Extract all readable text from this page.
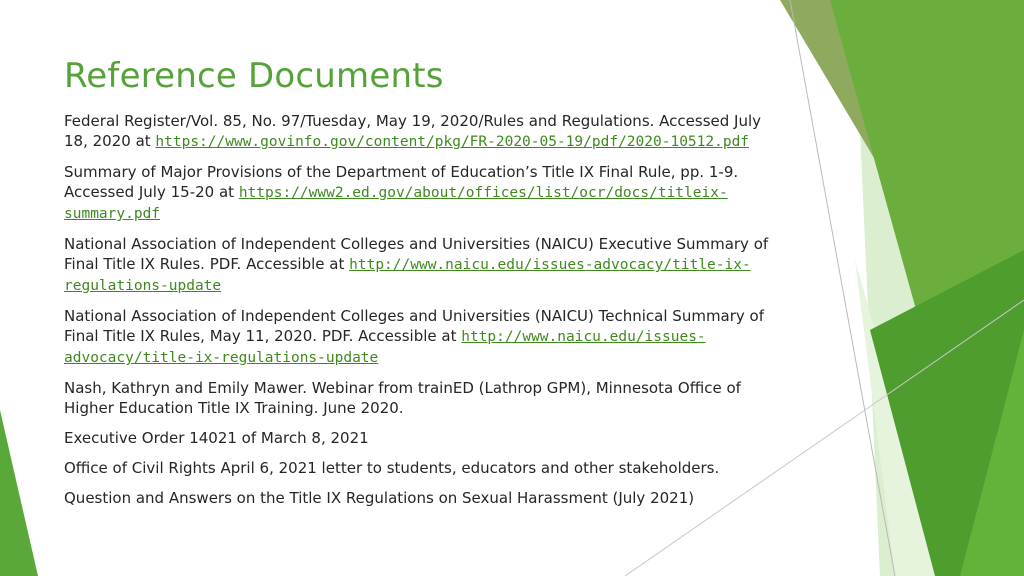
Reference Documents
Federal Register/Vol. 85, No. 97/Tuesday, May 19, 2020/Rules and Regulations. Accessed July 18, 2020 at https://www.govinfo.gov/content/pkg/FR-2020-05-19/pdf/2020-10512.pdf
Summary of Major Provisions of the Department of Education’s Title IX Final Rule, pp. 1-9. Accessed July 15-20 at https://www2.ed.gov/about/offices/list/ocr/docs/titleix-summary.pdf
National Association of Independent Colleges and Universities (NAICU) Executive Summary of Final Title IX Rules. PDF. Accessible at http://www.naicu.edu/issues-advocacy/title-ix-regulations-update
National Association of Independent Colleges and Universities (NAICU) Technical Summary of Final Title IX Rules, May 11, 2020. PDF. Accessible at http://www.naicu.edu/issues-advocacy/title-ix-regulations-update
Nash, Kathryn and Emily Mawer. Webinar from trainED (Lathrop GPM), Minnesota Office of Higher Education Title IX Training. June 2020.
Executive Order 14021 of March 8, 2021
Office of Civil Rights April 6, 2021 letter to students, educators and other stakeholders.
Question and Answers on the Title IX Regulations on Sexual Harassment (July 2021)
